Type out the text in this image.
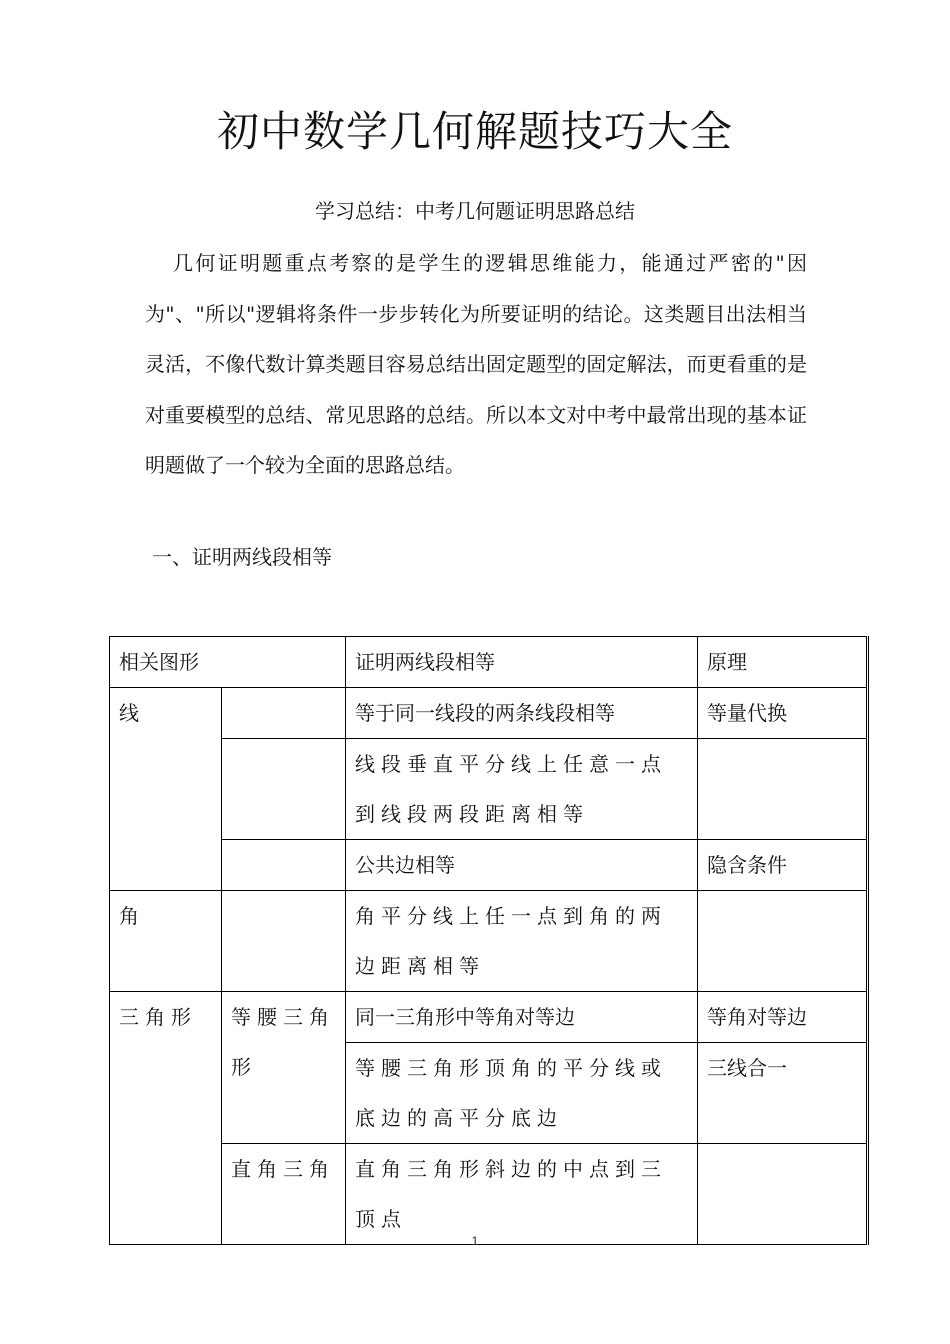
初中数学几何解题技巧大全
学习总结：中考几何题证明思路总结

几何证明题重点考察的是学生的逻辑思维能力，能通过严密的"因为"、"所以"逻辑将条件一步步转化为所要证明的结论。这类题目出法相当灵活，不像代数计算类题目容易总结出固定题型的固定解法，而更看重的是对重要模型的总结、常见思路的总结。所以本文对中考中最常出现的基本证明题做了一个较为全面的思路总结。

一、证明两线段相等
相关图形		证明两线段相等	原理
线		等于同一线段的两条线段相等	等量代换
		线段垂直平分线上任意一点到线段两段距离相等	
		公共边相等	隐含条件
角		角平分线上任一点到角的两边距离相等	
三角形	等腰三角形	同一三角形中等角对等边	等角对等边
		等腰三角形顶角的平分线或底边的高平分底边	三线合一
	直角三角	直角三角形斜边的中点到三顶点	
1
